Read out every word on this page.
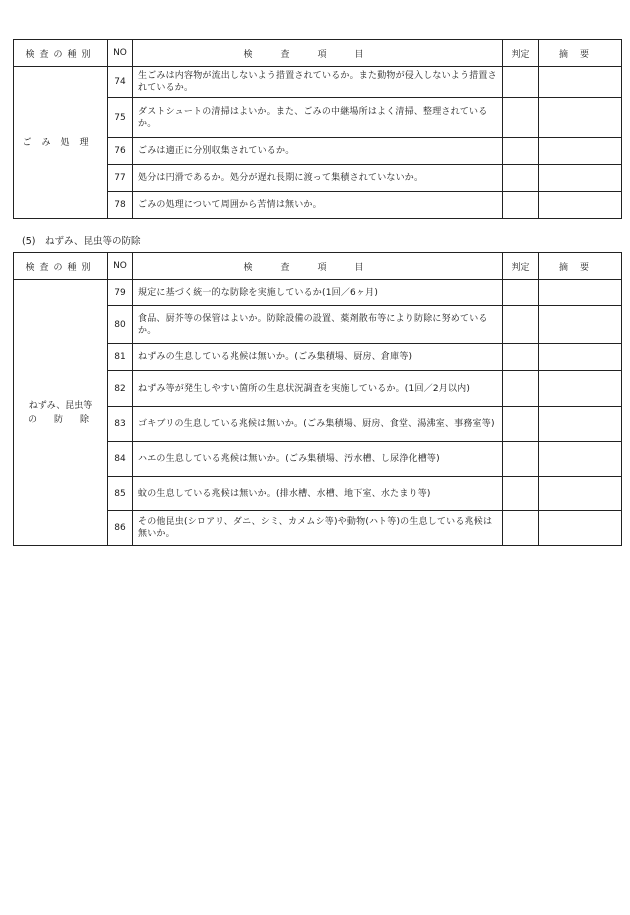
検査の種別	NO	検査項目	判定	摘要
ごみ処理	74	生ごみは内容物が流出しないよう措置されているか。また動物が侵入しないよう措置されているか。		
	75	ダストシュートの清掃はよいか。また、ごみの中継場所はよく清掃、整理されているか。		
	76	ごみは適正に分別収集されているか。		
	77	処分は円滑であるか。処分が遅れ長期に渡って集積されていないか。		
	78	ごみの処理について周囲から苦情は無いか。		
(5)　ねずみ、昆虫等の防除
検査の種別	NO	検査項目	判定	摘要

ねずみ、昆虫等
の　防　除	79	規定に基づく統一的な防除を実施しているか(1回／6ヶ月)		
	80	食品、厨芥等の保管はよいか。防除設備の設置、薬剤散布等により防除に努めているか。		
	81	ねずみの生息している兆候は無いか。(ごみ集積場、厨房、倉庫等)		
	82	ねずみ等が発生しやすい箇所の生息状況調査を実施しているか。(1回／2月以内)		
	83	ゴキブリの生息している兆候は無いか。(ごみ集積場、厨房、食堂、湯沸室、事務室等)		
	84	ハエの生息している兆候は無いか。(ごみ集積場、汚水槽、し尿浄化槽等)		
	85	蚊の生息している兆候は無いか。(排水槽、水槽、地下室、水たまり等)		
	86	その他昆虫(シロアリ、ダニ、シミ、カメムシ等)や動物(ハト等)の生息している兆候は無いか。		
